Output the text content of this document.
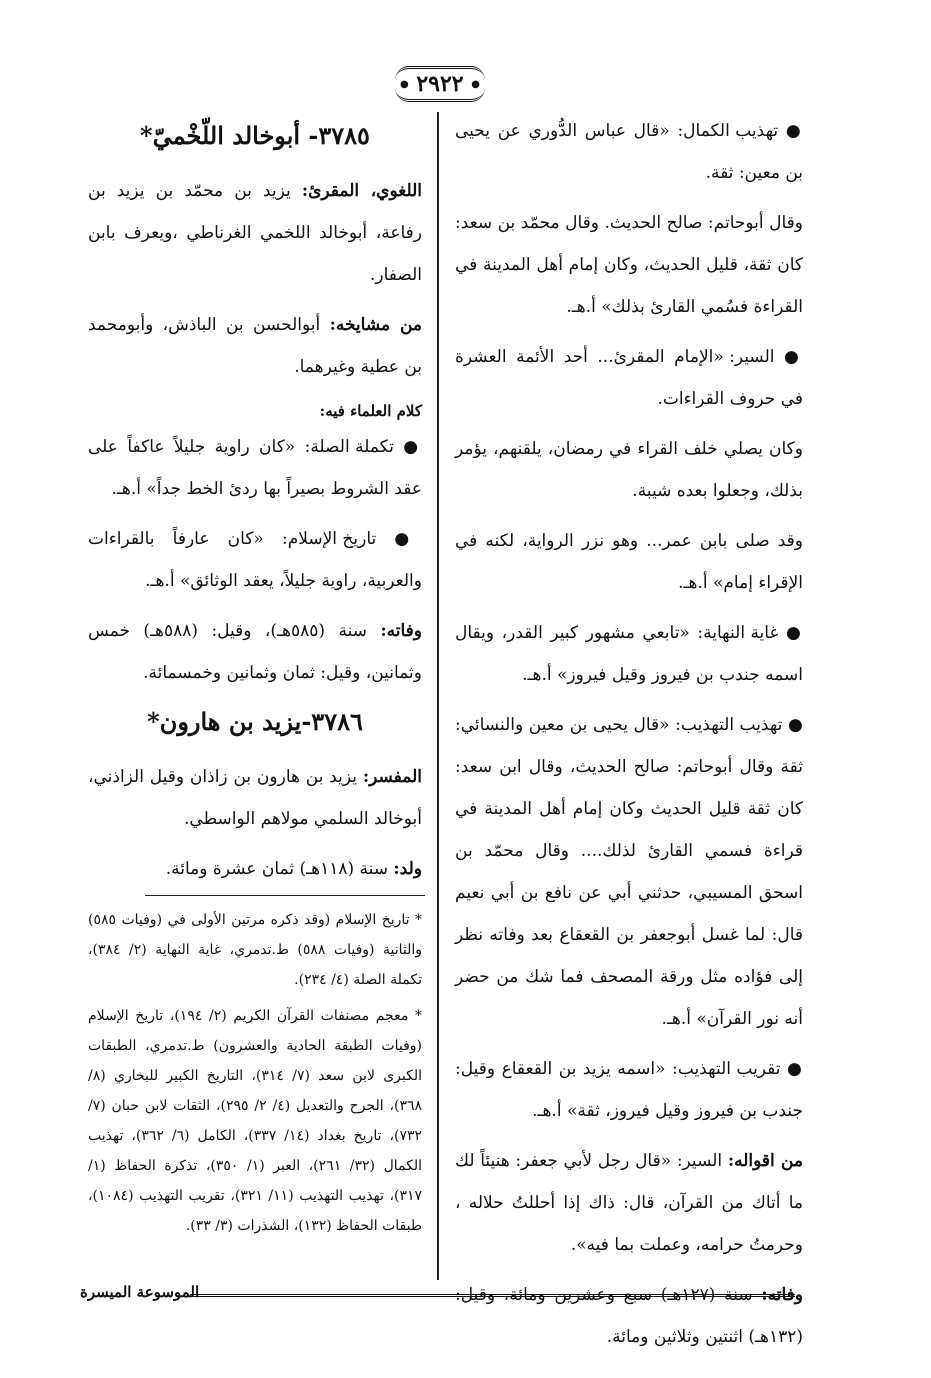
● ٢٩٢٢ ●

● تهذيب الكمال: «قال عباس الدُّوري عن يحيى بن معين: ثقة.

وقال أبوحاتم: صالح الحديث. وقال محمّد بن سعد: كان ثقة، قليل الحديث، وكان إمام أهل المدينة في القراءة فسُمي القارئ بذلك» أ.هـ.

● السير: «الإمام المقرئ... أحد الأئمة العشرة في حروف القراءات.

وكان يصلي خلف القراء في رمضان، يلقنهم، يؤمر بذلك، وجعلوا بعده شيبة.

وقد صلى بابن عمر... وهو نزر الرواية، لكنه في الإقراء إمام» أ.هـ.

● غاية النهاية: «تابعي مشهور كبير القدر، ويقال اسمه جندب بن فيروز وقيل فيروز» أ.هـ.

● تهذيب التهذيب: «قال يحيى بن معين والنسائي: ثقة وقال أبوحاتم: صالح الحديث، وقال ابن سعد: كان ثقة قليل الحديث وكان إمام أهل المدينة في قراءة فسمي القارئ لذلك.... وقال محمّد بن اسحق المسيبي، حدثني أبي عن نافع بن أبي نعيم قال: لما غسل أبوجعفر بن القعقاع بعد وفاته نظر إلى فؤاده مثل ورقة المصحف فما شك من حضر أنه نور القرآن» أ.هـ.

● تقريب التهذيب: «اسمه يزيد بن القعقاع وقيل: جندب بن فيروز وقيل فيروز، ثقة» أ.هـ.

من اقواله: السير: «قال رجل لأبي جعفر: هنيئاً لك ما أتاك من القرآن، قال: ذاك إذا أحللتُ حلاله ، وحرمتُ حرامه، وعملت بما فيه».

وفاته: سنة (١٢٧هـ) سبع وعشرين ومائة، وقيل: (١٣٢هـ) اثنتين وثلاثين ومائة.

٣٧٨٥- أبوخالد اللّخْميّ*

اللغوي، المقرئ: يزيد بن محمّد بن يزيد بن رفاعة، أبوخالد اللخمي الغرناطي ،ويعرف بابن الصفار.

من مشايخه: أبوالحسن بن الباذش، وأبومحمد بن عطية وغيرهما.

كلام العلماء فيه:

● تكملة الصلة: «كان راوية جليلاً عاكفاً على عقد الشروط بصيراً بها ردئ الخط جداً» أ.هـ.

● تاريخ الإسلام: «كان عارفاً بالقراءات والعربية، راوية جليلاً، يعقد الوثائق» أ.هـ.

وفاته: سنة (٥٨٥هـ)، وقيل: (٥٨٨هـ) خمس وثمانين، وقيل: ثمان وثمانين وخمسمائة.

٣٧٨٦-يزيد بن هارون*

المفسر: يزيد بن هارون بن زاذان وقيل الزاذني، أبوخالد السلمي مولاهم الواسطي.

ولد: سنة (١١٨هـ) ثمان عشرة ومائة.

* تاريخ الإسلام (وقد ذكره مرتين الأولى في (وفيات ٥٨٥) والثانية (وفيات ٥٨٨) ط.تدمري، غاية النهاية (٢/ ٣٨٤)، تكملة الصلة (٤/ ٢٣٤).

* معجم مصنفات القرآن الكريم (٢/ ١٩٤)، تاريخ الإسلام (وفيات الطبقة الحادية والعشرون) ط.تدمري، الطبقات الكبرى لابن سعد (٧/ ٣١٤)، التاريخ الكبير للبخاري (٨/ ٣٦٨)، الجرح والتعديل (٤/ ٢/ ٢٩٥)، الثقات لابن حبان (٧/ ٧٣٢)، تاريخ بغداد (١٤/ ٣٣٧)، الكامل (٦/ ٣٦٢)، تهذيب الكمال (٣٢/ ٢٦١)، العبر (١/ ٣٥٠)، تذكرة الحفاظ (١/ ٣١٧)، تهذيب التهذيب (١١/ ٣٢١)، تقريب التهذيب (١٠٨٤)، طبقات الحفاظ (١٣٢)، الشذرات (٣/ ٣٣).

الموسوعة الميسرة
